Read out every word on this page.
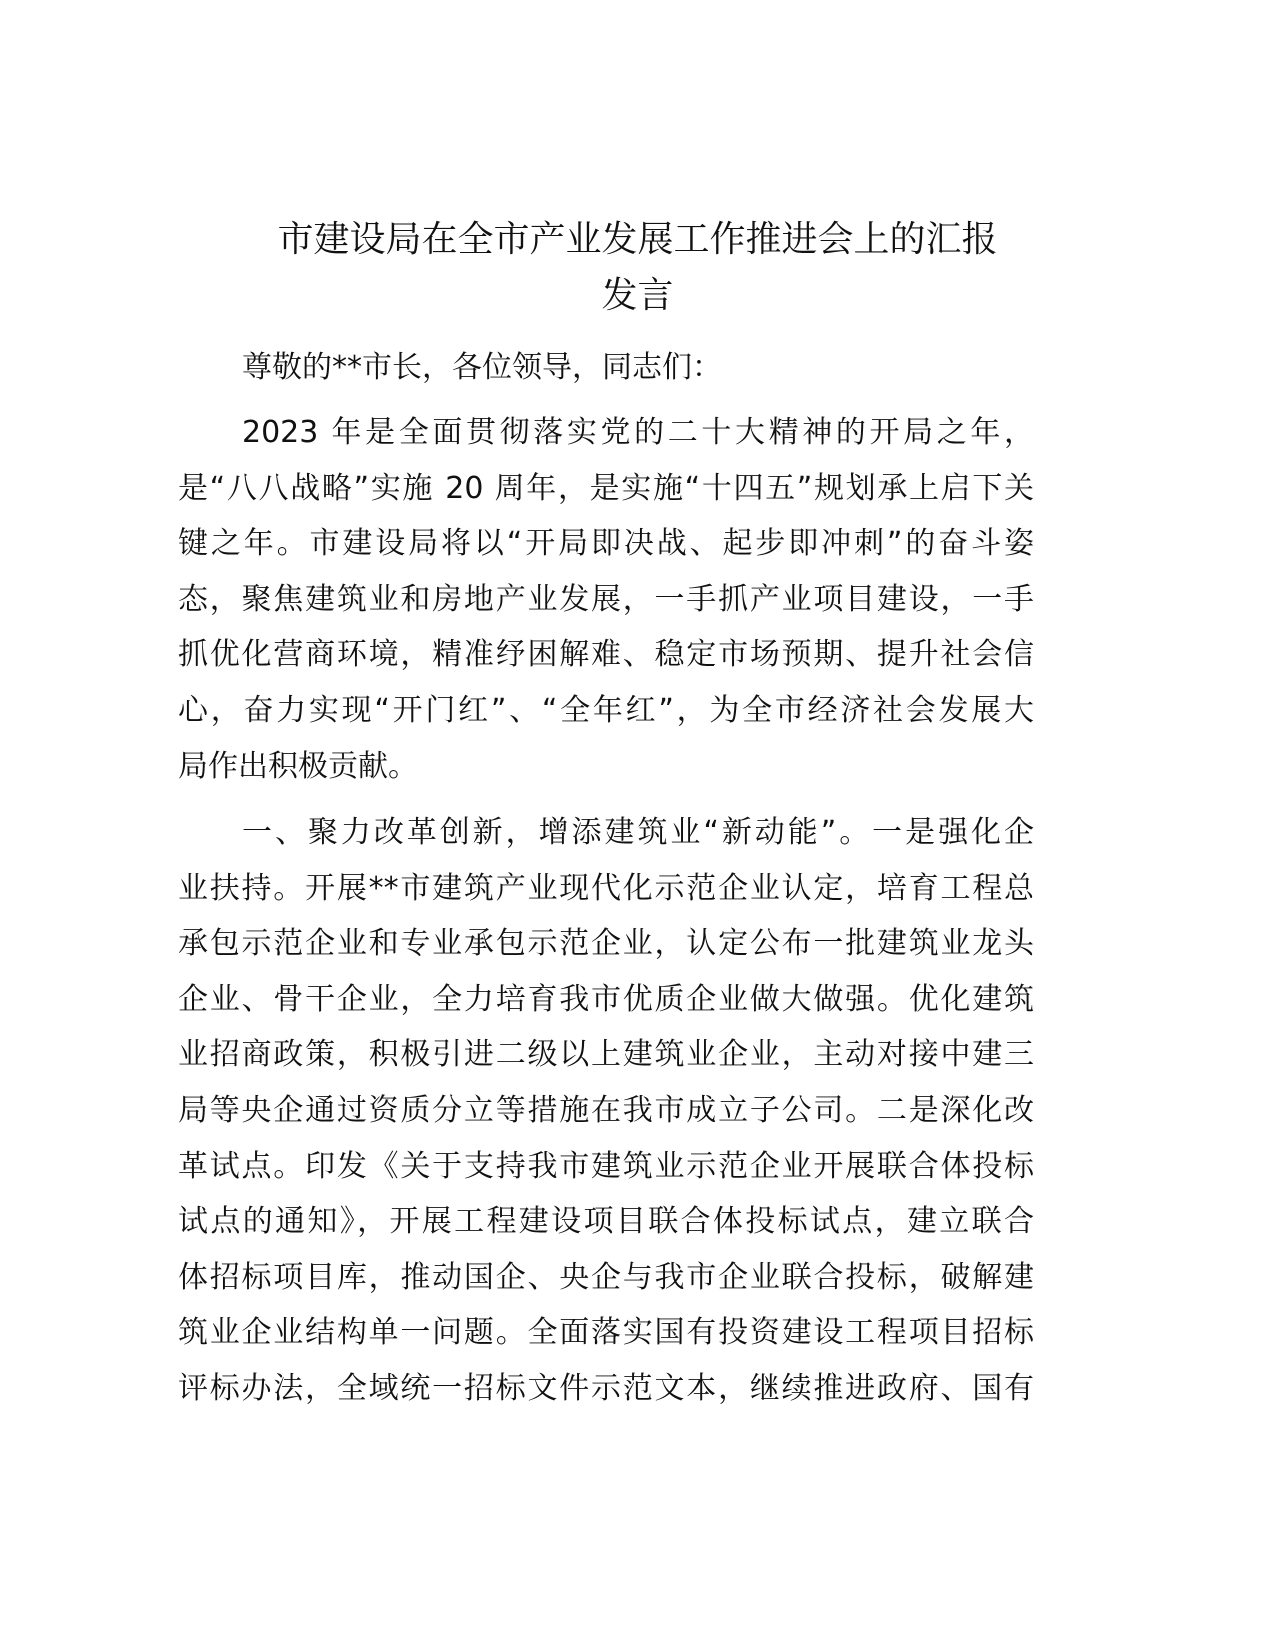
市建设局在全市产业发展工作推进会上的汇报
发言
尊敬的**市长，各位领导，同志们：
2023 年是全面贯彻落实党的二十大精神的开局之年，
是“八八战略”实施 20 周年，是实施“十四五”规划承上启下关
键之年。市建设局将以“开局即决战、起步即冲刺”的奋斗姿
态，聚焦建筑业和房地产业发展，一手抓产业项目建设，一手
抓优化营商环境，精准纾困解难、稳定市场预期、提升社会信
心，奋力实现“开门红”、“全年红”，为全市经济社会发展大
局作出积极贡献。
一、聚力改革创新，增添建筑业“新动能”。一是强化企
业扶持。开展**市建筑产业现代化示范企业认定，培育工程总
承包示范企业和专业承包示范企业，认定公布一批建筑业龙头
企业、骨干企业，全力培育我市优质企业做大做强。优化建筑
业招商政策，积极引进二级以上建筑业企业，主动对接中建三
局等央企通过资质分立等措施在我市成立子公司。二是深化改
革试点。印发《关于支持我市建筑业示范企业开展联合体投标
试点的通知》，开展工程建设项目联合体投标试点，建立联合
体招标项目库，推动国企、央企与我市企业联合投标，破解建
筑业企业结构单一问题。全面落实国有投资建设工程项目招标
评标办法，全域统一招标文件示范文本，继续推进政府、国有
